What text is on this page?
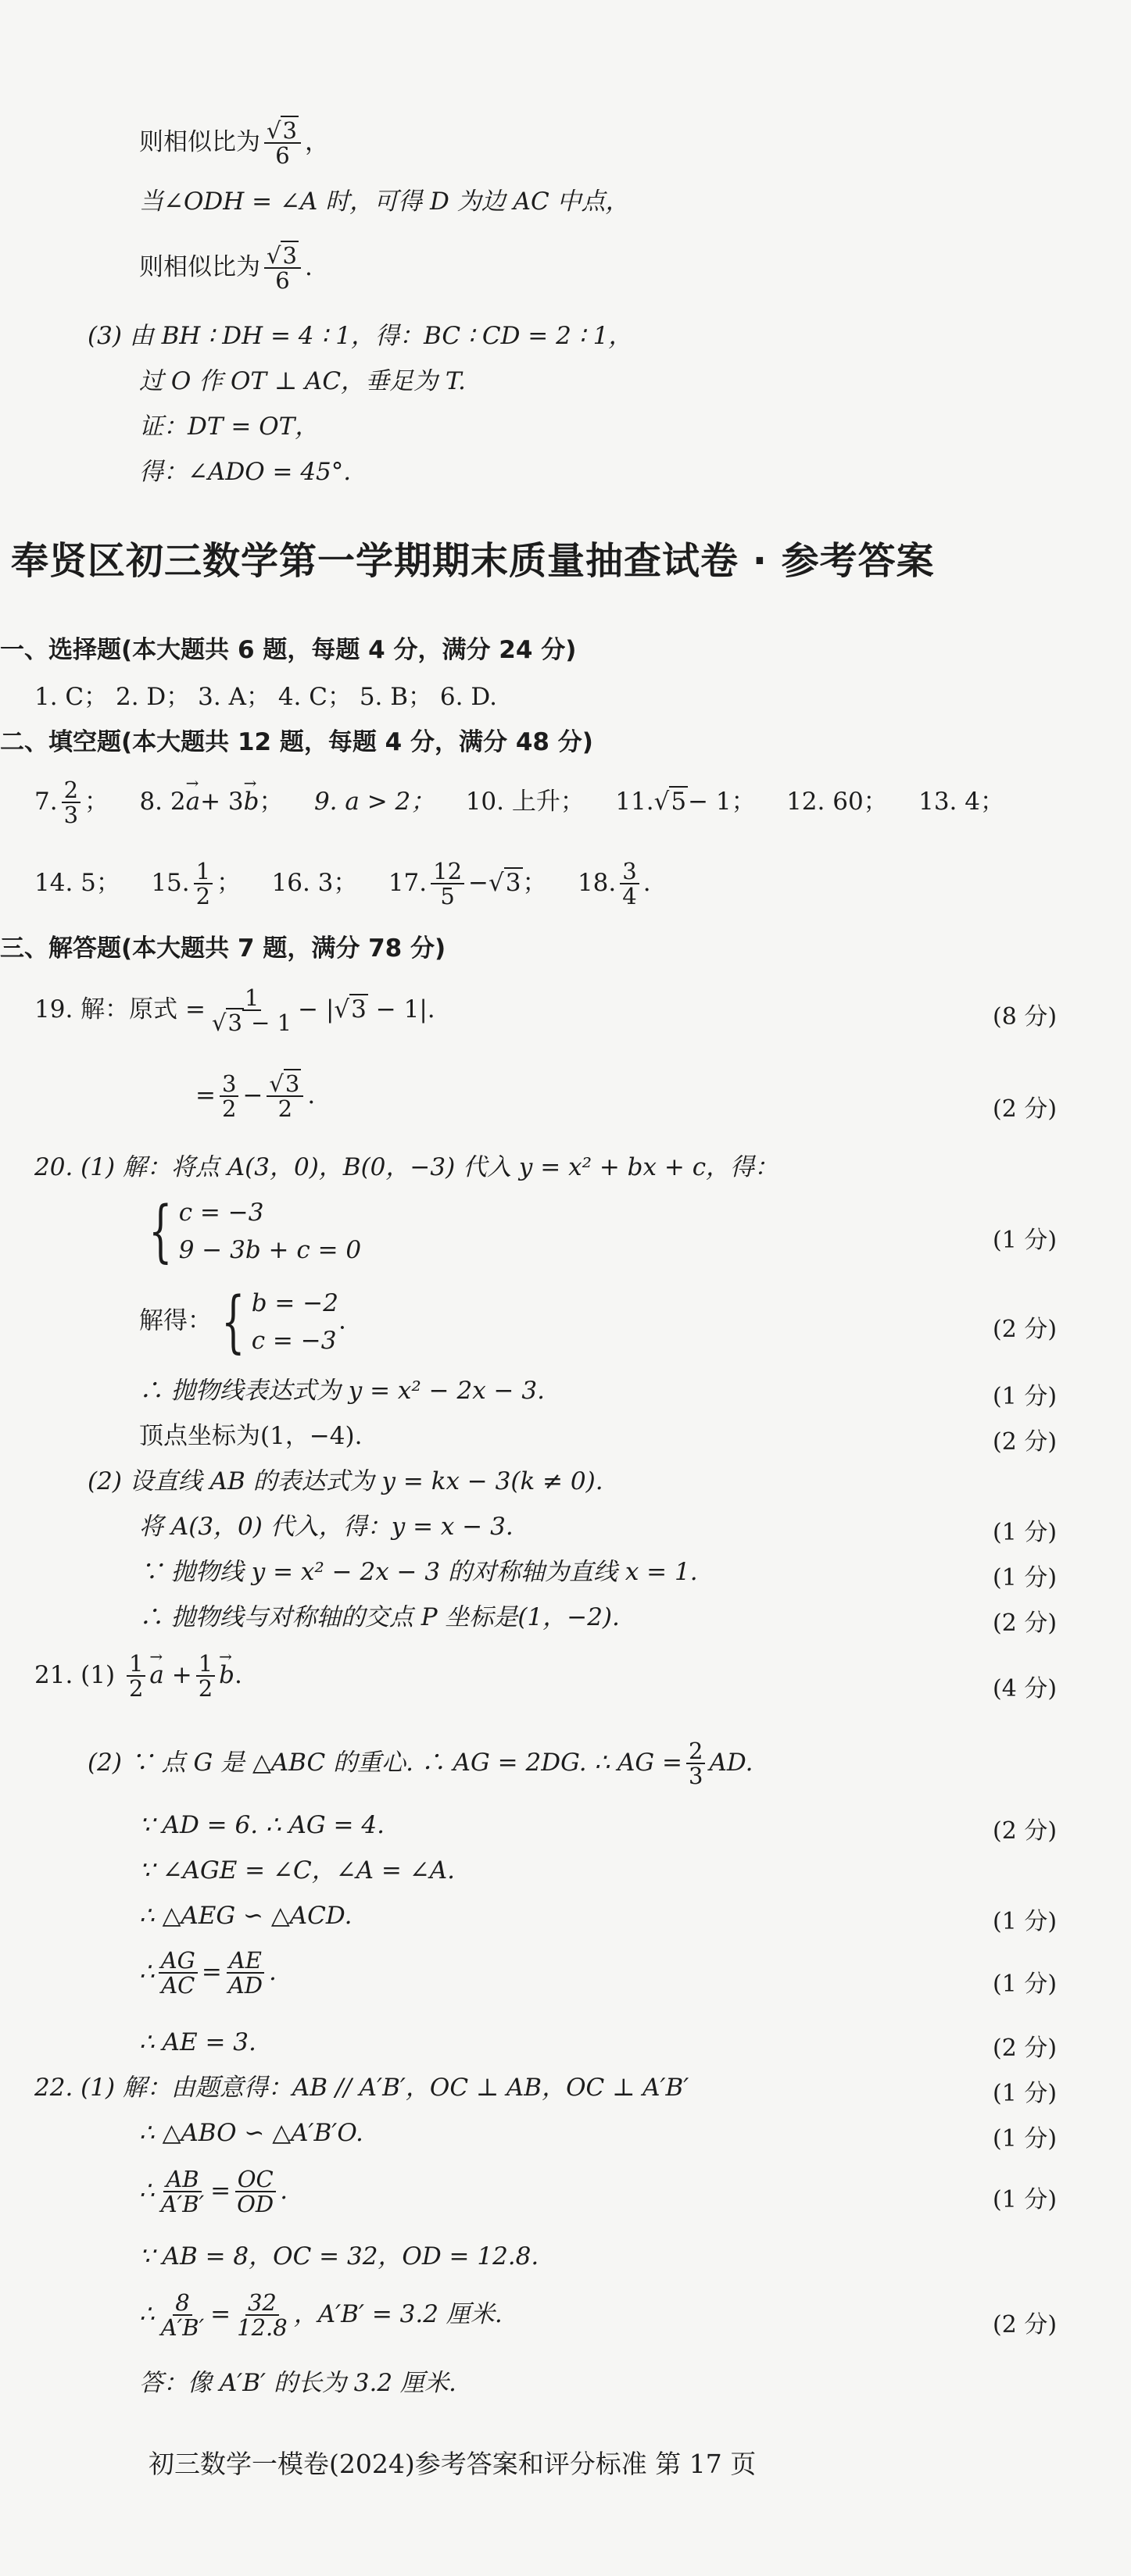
则相似比为 $\frac{√3}{6}$ ，
当∠ODH = ∠A 时，可得 D 为边 AC 中点，
则相似比为 $\frac{√3}{6}$ .
(3) 由 BH ∶ DH = 4 ∶ 1，得：BC ∶ CD = 2 ∶ 1，
过 O 作 OT ⊥ AC，垂足为 T.
证：DT = OT，
得：∠ADO = 45°.
奉贤区初三数学第一学期期末质量抽查试卷 · 参考答案
一、选择题(本大题共 6 题，每题 4 分，满分 24 分)
1. C； 2. D； 3. A； 4. C； 5. B； 6. D.
二、填空题(本大题共 12 题，每题 4 分，满分 48 分)
7. $\frac{2}{3}$ ； 8. 2→ a+ 3→ b； 9. a > 2； 10. 上升； 11.√5− 1； 12. 60； 13. 4；
14. 5； 15. $\frac{1}{2}$ ； 16. 3； 17. $\frac{12}{5} -√3$； 18. $\frac{3}{4}$ .
三、解答题(本大题共 7 题，满分 78 分)
19. 解：原式 = $\frac{1}{√3 - 1} - |√3 - 1|$.	(8 分)
= $\frac{3}{2} - \frac{√3}{2}$ .	(2 分)
20. (1) 解：将点 A(3，0)，B(0，−3) 代入 y = x² + bx + c，得：
{ c = −3
9 − 3b + c = 0	(1 分)
解得： { b = −2
c = −3
.	(2 分)
∴ 抛物线表达式为 y = x² − 2x − 3.	(1 分)
顶点坐标为(1，−4).	(2 分)
(2) 设直线 AB 的表达式为 y = kx − 3(k ≠ 0).
将 A(3，0) 代入，得：y = x − 3.	(1 分)
∵ 抛物线 y = x² − 2x − 3 的对称轴为直线 x = 1.	(1 分)
∴ 抛物线与对称轴的交点 P 坐标是(1，−2).	(2 分)
21. $(1) \frac{1}{2}$
→ $a + \frac{1}{2}$
→ b.	(4 分)
(2) ∵ 点 G 是 △ABC 的重心. ∴ AG = 2DG. ∴ AG = $\frac{2}{3}$ AD.
∵ AD = 6. ∴ AG = 4.	(2 分)
∵ ∠AGE = ∠C，∠A = ∠A.
∴ △AEG ∽ △ACD.	(1 分)
∴ $\frac{AG}{AC} = \frac{AE}{AD}$ .	(1 分)
∴ AE = 3.	(2 分)
22. (1) 解：由题意得：AB // A′B′，OC ⊥ AB，OC ⊥ A′B′	(1 分)
∴ △ABO ∽ △A′B′O.	(1 分)
∴ $\frac{AB}{A'B'} = \frac{OC}{OD}$ .	(1 分)
∵ AB = 8，OC = 32，OD = 12.8.
∴ $\frac{8}{A'B'} = \frac{32}{12.8}$ ，A′B′ = 3.2 厘米.	(2 分)
答：像 A′B′ 的长为 3.2 厘米.
初三数学一模卷(2024)参考答案和评分标准 第 17 页
